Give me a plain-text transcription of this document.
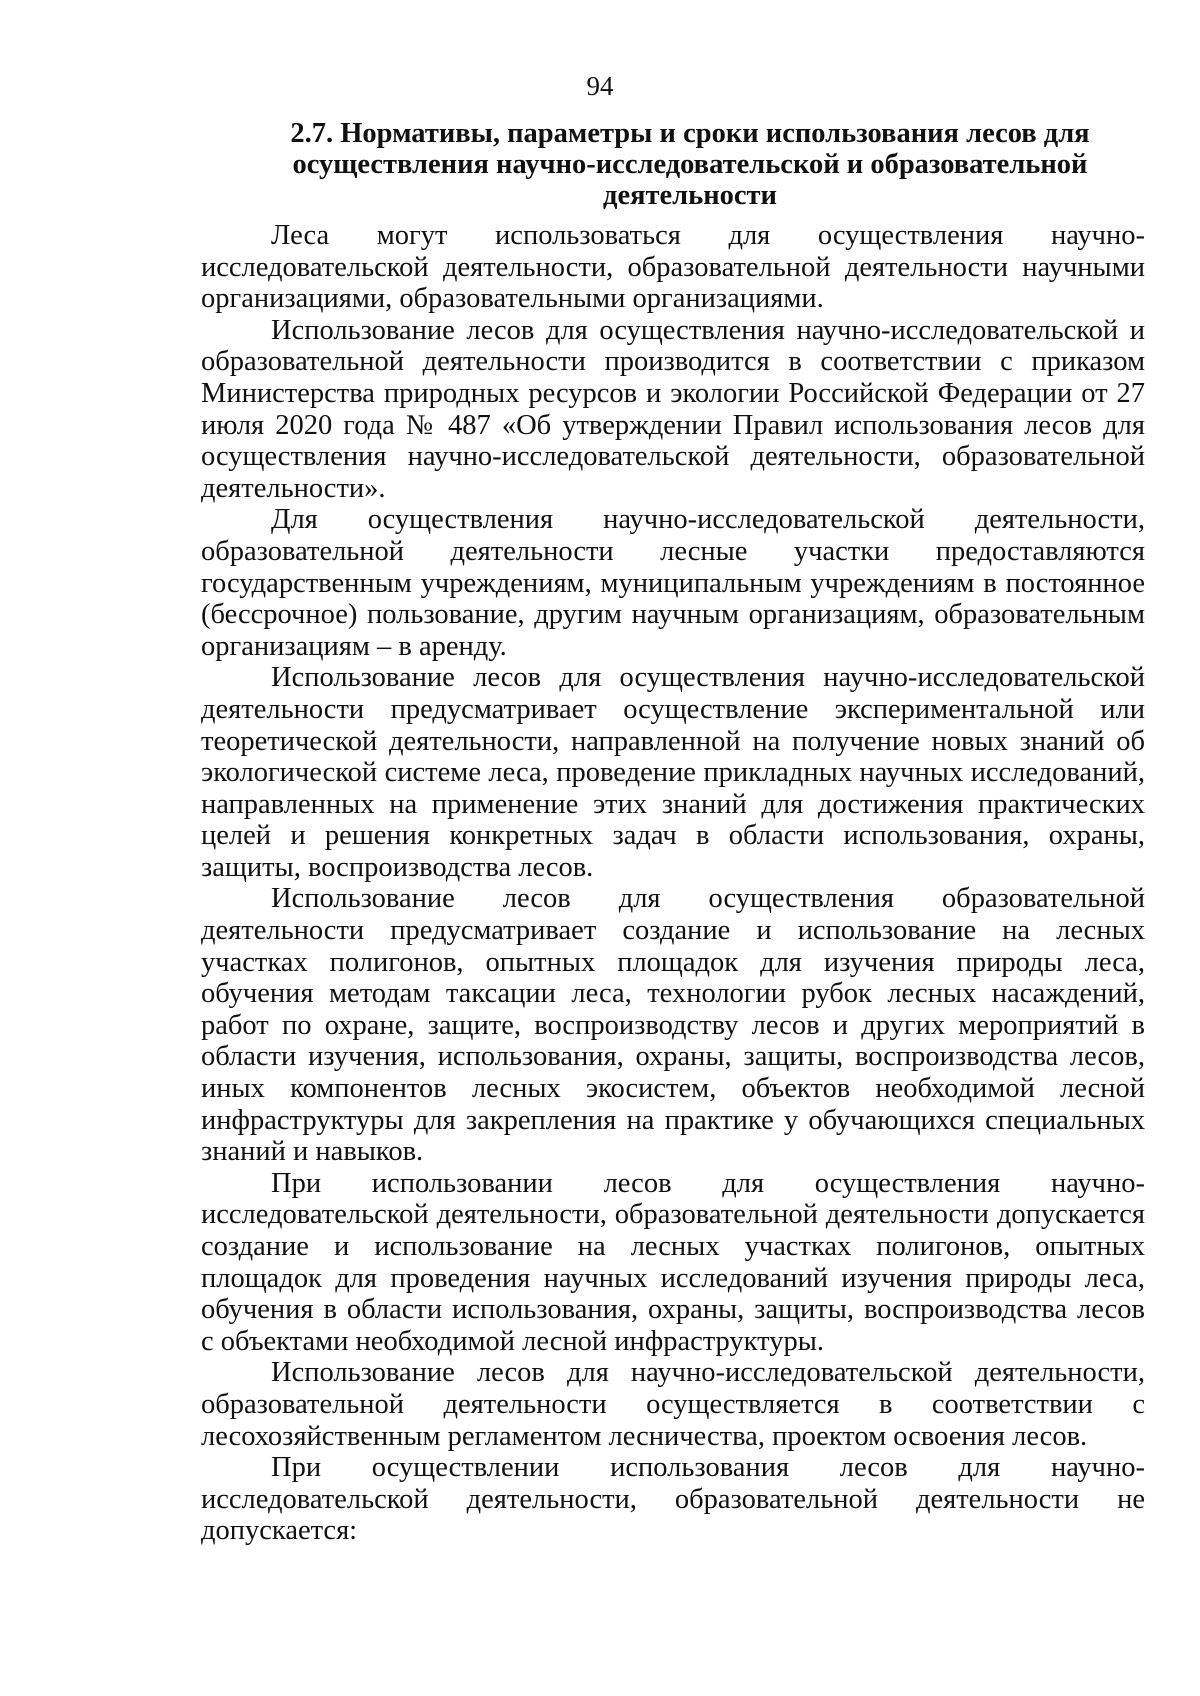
94
2.7. Нормативы, параметры и сроки использования лесов для осуществления научно-исследовательской и образовательной деятельности

Леса могут использоваться для осуществления научно-исследовательской деятельности, образовательной деятельности научными организациями, образовательными организациями.

Использование лесов для осуществления научно-исследовательской и образовательной деятельности производится в соответствии с приказом Министерства природных ресурсов и экологии Российской Федерации от 27 июля 2020 года № 487 «Об утверждении Правил использования лесов для осуществления научно-исследовательской деятельности, образовательной деятельности».

Для осуществления научно-исследовательской деятельности, образовательной деятельности лесные участки предоставляются государственным учреждениям, муниципальным учреждениям в постоянное (бессрочное) пользование, другим научным организациям, образовательным организациям – в аренду.

Использование лесов для осуществления научно-исследовательской деятельности предусматривает осуществление экспериментальной или теоретической деятельности, направленной на получение новых знаний об экологической системе леса, проведение прикладных научных исследований, направленных на применение этих знаний для достижения практических целей и решения конкретных задач в области использования, охраны, защиты, воспроизводства лесов.

Использование лесов для осуществления образовательной деятельности предусматривает создание и использование на лесных участках полигонов, опытных площадок для изучения природы леса, обучения методам таксации леса, технологии рубок лесных насаждений, работ по охране, защите, воспроизводству лесов и других мероприятий в области изучения, использования, охраны, защиты, воспроизводства лесов, иных компонентов лесных экосистем, объектов необходимой лесной инфраструктуры для закрепления на практике у обучающихся специальных знаний и навыков.

При использовании лесов для осуществления научно-исследовательской деятельности, образовательной деятельности допускается создание и использование на лесных участках полигонов, опытных площадок для проведения научных исследований изучения природы леса, обучения в области использования, охраны, защиты, воспроизводства лесов с объектами необходимой лесной инфраструктуры.

Использование лесов для научно-исследовательской деятельности, образовательной деятельности осуществляется в соответствии с лесохозяйственным регламентом лесничества, проектом освоения лесов.

При осуществлении использования лесов для научно-исследовательской деятельности, образовательной деятельности не допускается:
